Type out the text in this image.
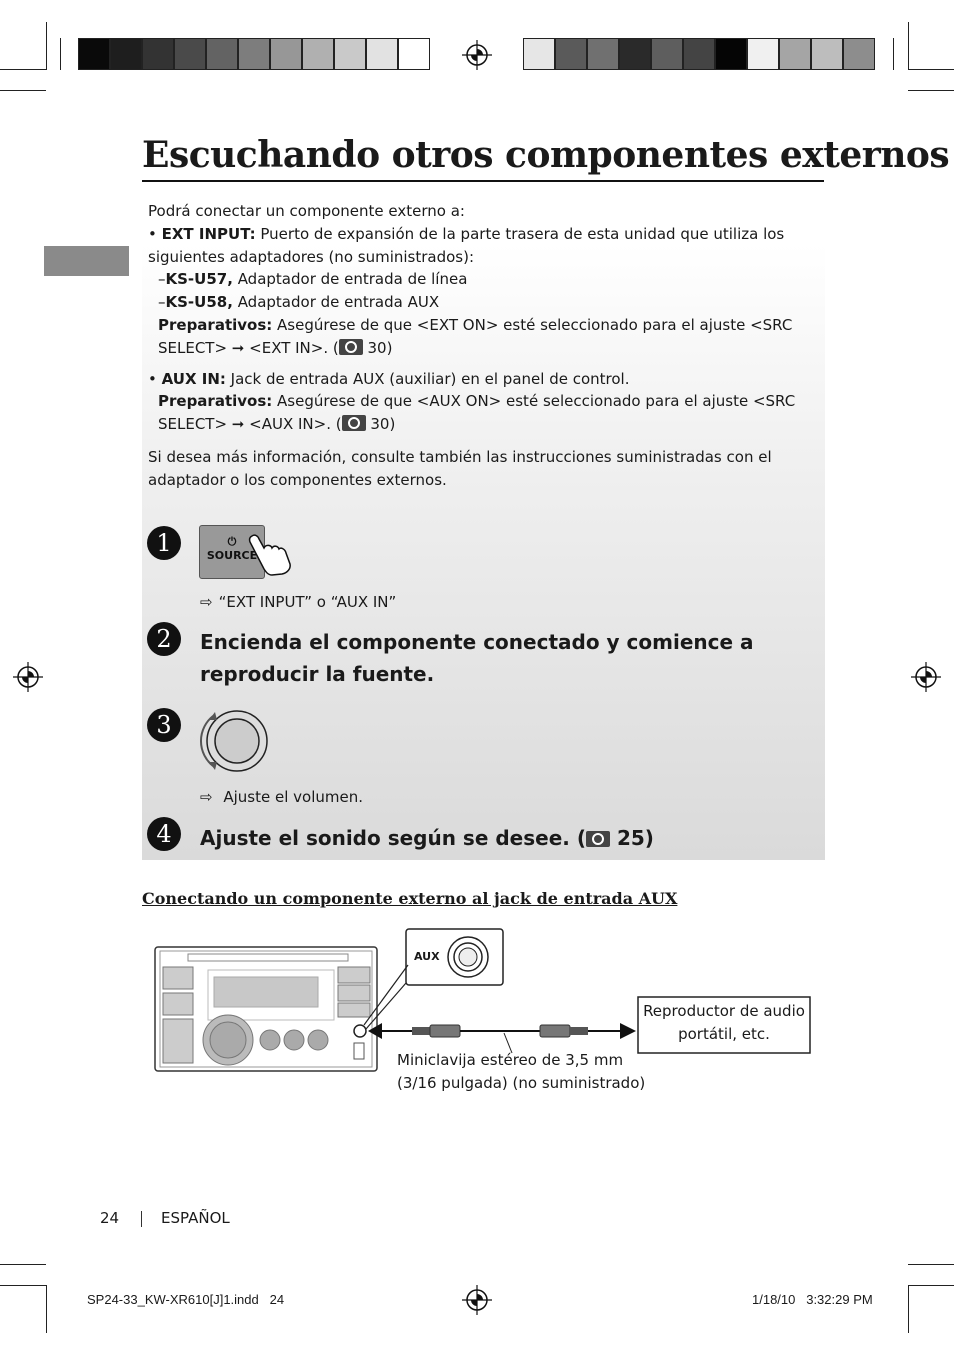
Escuchando otros componentes externos

Podrá conectar un componente externo a:

• EXT INPUT: Puerto de expansión de la parte trasera de esta unidad que utiliza los siguientes adaptadores (no suministrados):

–KS-U57, Adaptador de entrada de línea

–KS-U58, Adaptador de entrada AUX

Preparativos: Asegúrese de que <EXT ON> esté seleccionado para el ajuste <SRC SELECT> ➞ <EXT IN>. ( 30)

• AUX IN: Jack de entrada AUX (auxiliar) en el panel de control.

Preparativos: Asegúrese de que <AUX ON> esté seleccionado para el ajuste <SRC SELECT> ➞ <AUX IN>. ( 30)

Si desea más información, consulte también las instrucciones suministradas con el adaptador o los componentes externos.

1	⏻
SOURCE
⇨ “EXT INPUT” o “AUX IN”
2	Encienda el componente conectado y comience a reproducir la fuente.
3
⇨ Ajuste el volumen.
4	Ajuste el sonido según se desee. ( 25)
Conectando un componente externo al jack de entrada AUX
AUX
Reproductor de audio portátil, etc.
Miniclavija estéreo de 3,5 mm
(3/16 pulgada) (no suministrado)
24	ESPAÑOL
SP24-33_KW-XR610[J]1.indd   24	1/18/10   3:32:29 PM
